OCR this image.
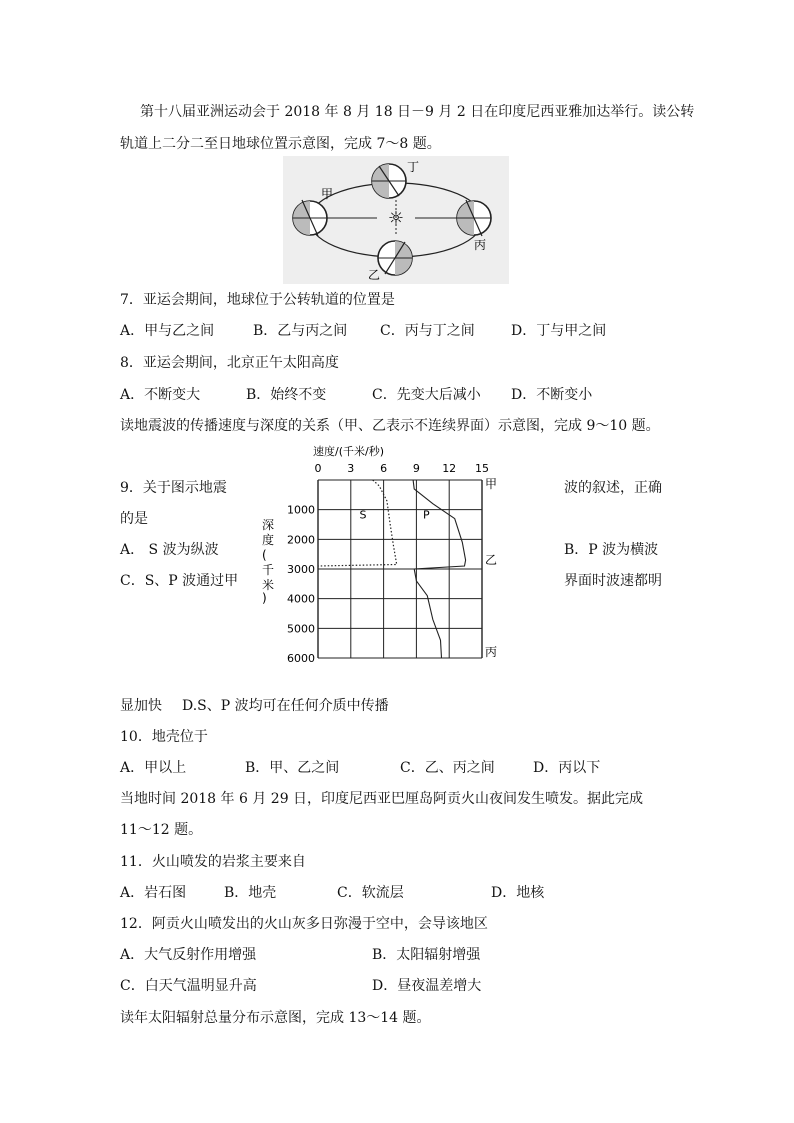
第十八届亚洲运动会于 2018 年 8 月 18 日－9 月 2 日在印度尼西亚雅加达举行。读公转
轨道上二分二至日地球位置示意图，完成 7～8 题。
☼
甲
丁
丙
乙
7．亚运会期间，地球位于公转轨道的位置是
A．甲与乙之间	B．乙与丙之间 C．丙与丁之间	D．丁与甲之间
8．亚运会期间，北京正午太阳高度
A．不断变大	B．始终不变	C．先变大后减小 D．不断变小
读地震波的传播速度与深度的关系（甲、乙表示不连续界面）示意图，完成 9～10 题。
速度/(千米/秒)
0 3 6 9 12 15
1000
2000
3000
4000
5000
6000
深
度
(
千
米
)
S	P
甲
乙
丙
9．关于图示地震	波的叙述，正确
的是
A． S 波为纵波	B．P 波为横波
C．S、P 波通过甲	界面时波速都明
显加快 D.S、P 波均可在任何介质中传播
10．地壳位于
A．甲以上	B．甲、乙之间	C．乙、丙之间	D．丙以下
当地时间 2018 年 6 月 29 日，印度尼西亚巴厘岛阿贡火山夜间发生喷发。据此完成
11～12 题。
11．火山喷发的岩浆主要来自
A．岩石图	B．地壳	C．软流层	D．地核
12．阿贡火山喷发出的火山灰多日弥漫于空中，会导该地区
A．大气反射作用增强	B．太阳辐射增强
C．白天气温明显升高	D．昼夜温差增大
读年太阳辐射总量分布示意图，完成 13～14 题。
